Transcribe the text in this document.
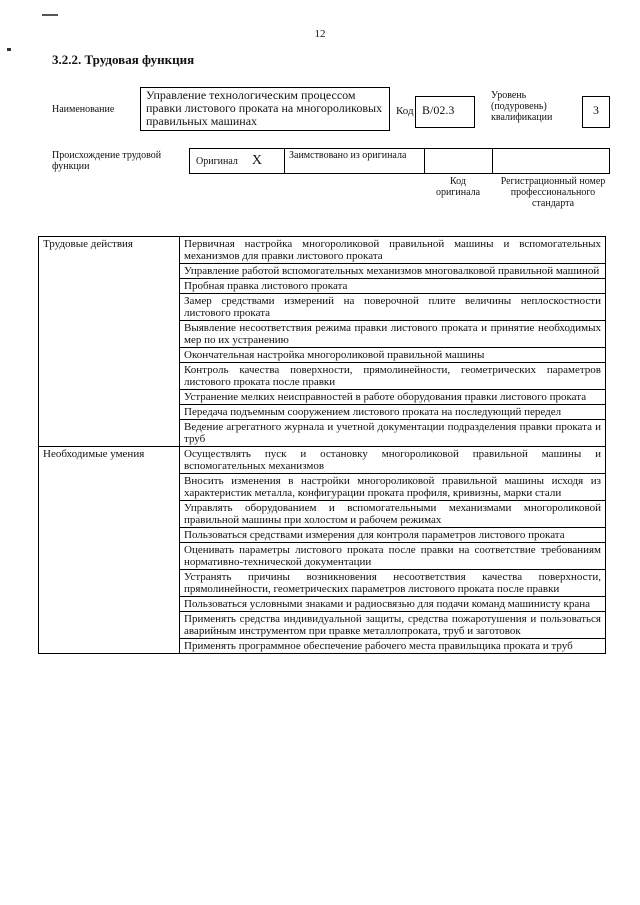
12
3.2.2. Трудовая функция
Наименование
Управление технологическим процессом правки листового проката на многороликовых правильных машинах
Код B/02.3
Уровень (подуровень) квалификации
3
Происхождение трудовой функции	Оригинал X	Заимствовано из оригинала
Код оригинала
Регистрационный номер профессионального стандарта
Трудовые действия	Первичная настройка многороликовой правильной машины и вспомогательных механизмов для правки листового проката
	Управление работой вспомогательных механизмов многовалковой правильной машиной
	Пробная правка листового проката
	Замер средствами измерений на поверочной плите величины неплоскостности листового проката
	Выявление несоответствия режима правки листового проката и принятие необходимых мер по их устранению
	Окончательная настройка многороликовой правильной машины
	Контроль качества поверхности, прямолинейности, геометрических параметров листового проката после правки
	Устранение мелких неисправностей в работе оборудования правки листового проката
	Передача подъемным сооружением листового проката на последующий передел
	Ведение агрегатного журнала и учетной документации подразделения правки проката и труб
Необходимые умения	Осуществлять пуск и остановку многороликовой правильной машины и вспомогательных механизмов
	Вносить изменения в настройки многороликовой правильной машины исходя из характеристик металла, конфигурации проката профиля, кривизны, марки стали
	Управлять оборудованием и вспомогательными механизмами многороликовой правильной машины при холостом и рабочем режимах
	Пользоваться средствами измерения для контроля параметров листового проката
	Оценивать параметры листового проката после правки на соответствие требованиям нормативно-технической документации
	Устранять причины возникновения несоответствия качества поверхности, прямолинейности, геометрических параметров листового проката после правки
	Пользоваться условными знаками и радиосвязью для подачи команд машинисту крана
	Применять средства индивидуальной защиты, средства пожаротушения и пользоваться аварийным инструментом при правке металлопроката, труб и заготовок
	Применять программное обеспечение рабочего места правильщика проката и труб
